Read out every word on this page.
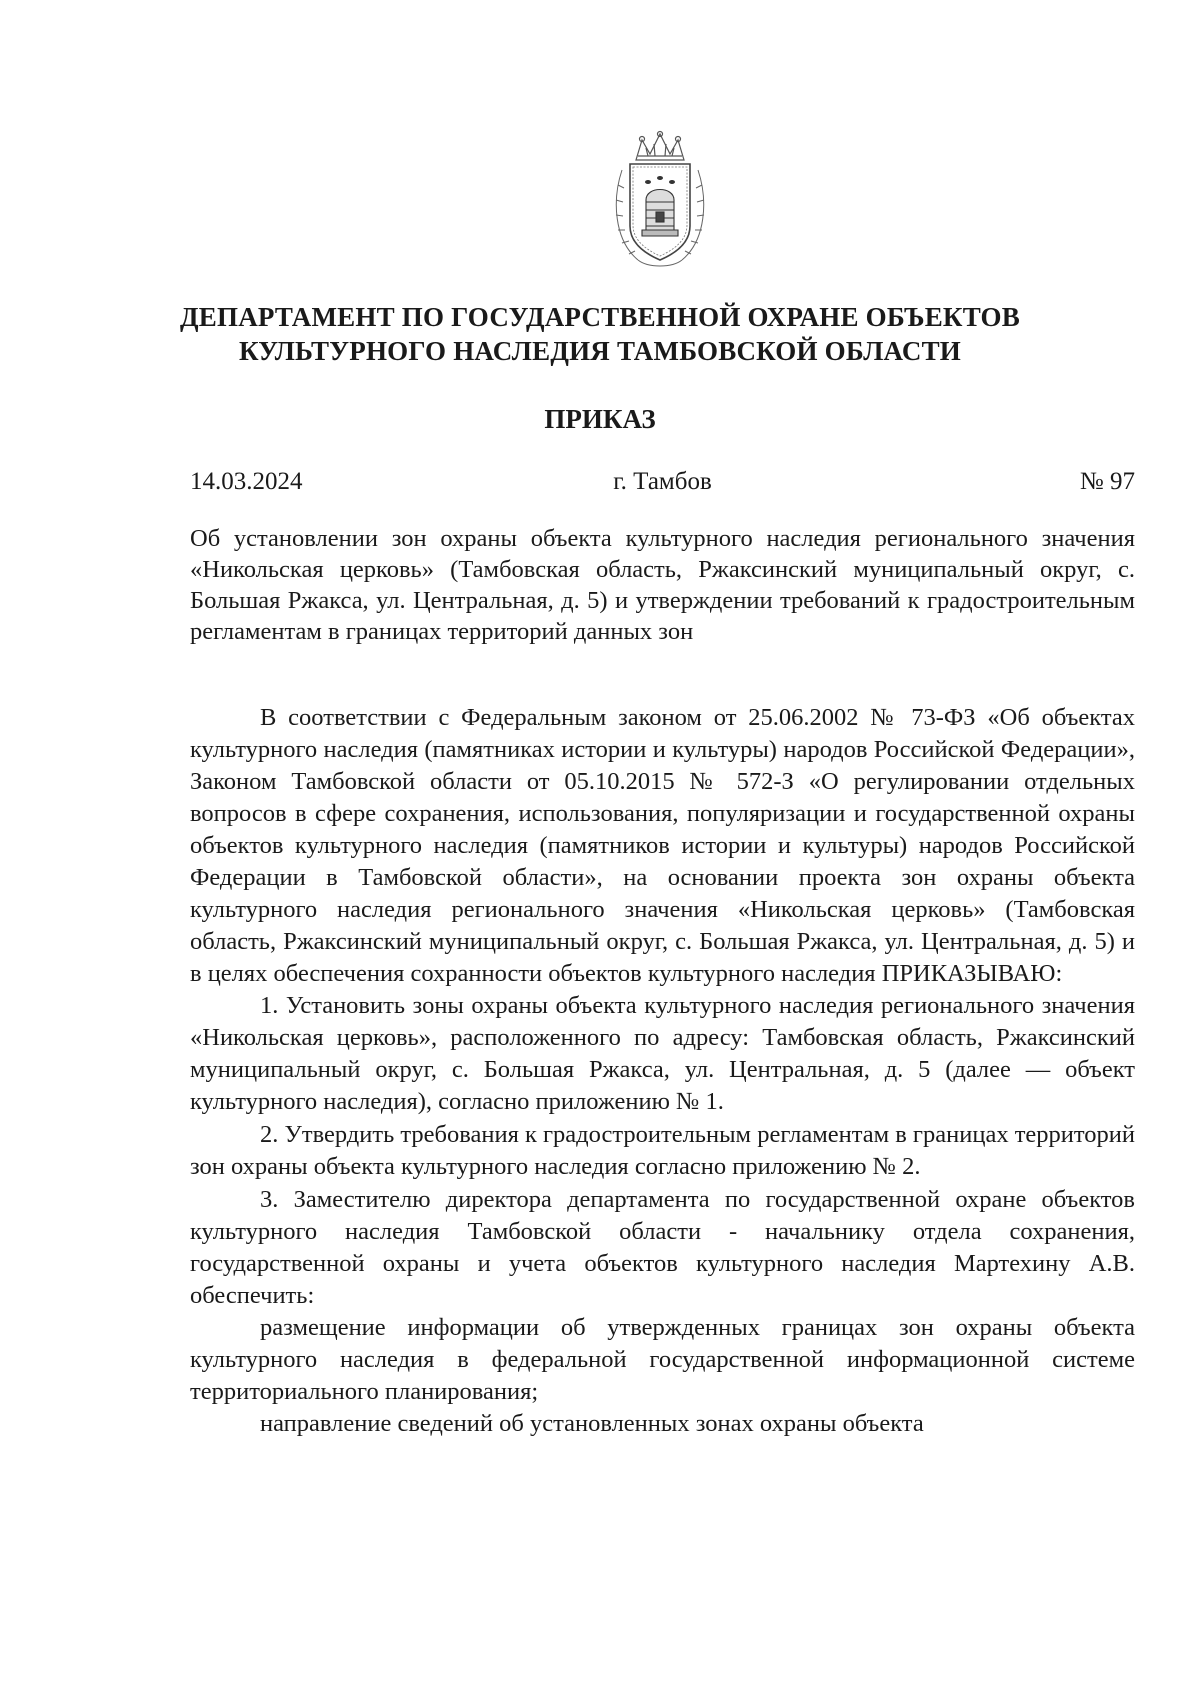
ДЕПАРТАМЕНТ ПО ГОСУДАРСТВЕННОЙ ОХРАНЕ ОБЪЕКТОВ
КУЛЬТУРНОГО НАСЛЕДИЯ ТАМБОВСКОЙ ОБЛАСТИ
ПРИКАЗ
г. Тамбов
14.03.2024	№ 97
Об установлении зон охраны объекта культурного наследия регионального значения «Никольская церковь» (Тамбовская область, Ржаксинский муниципальный округ, с. Большая Ржакса, ул. Центральная, д. 5) и утверждении требований к градостроительным регламентам в границах территорий данных зон

В соответствии с Федеральным законом от 25.06.2002 № 73-ФЗ «Об объектах культурного наследия (памятниках истории и культуры) народов Российской Федерации», Законом Тамбовской области от 05.10.2015 № 572-З «О регулировании отдельных вопросов в сфере сохранения, использования, популяризации и государственной охраны объектов культурного наследия (памятников истории и культуры) народов Российской Федерации в Тамбовской области», на основании проекта зон охраны объекта культурного наследия регионального значения «Никольская церковь» (Тамбовская область, Ржаксинский муниципальный округ, с. Большая Ржакса, ул. Центральная, д. 5) и в целях обеспечения сохранности объектов культурного наследия ПРИКАЗЫВАЮ:

1. Установить зоны охраны объекта культурного наследия регионального значения «Никольская церковь», расположенного по адресу: Тамбовская область, Ржаксинский муниципальный округ, с. Большая Ржакса, ул. Центральная, д. 5 (далее — объект культурного наследия), согласно приложению № 1.

2. Утвердить требования к градостроительным регламентам в границах территорий зон охраны объекта культурного наследия согласно приложению № 2.

3. Заместителю директора департамента по государственной охране объектов культурного наследия Тамбовской области - начальнику отдела сохранения, государственной охраны и учета объектов культурного наследия Мартехину А.В. обеспечить:

размещение информации об утвержденных границах зон охраны объекта культурного наследия в федеральной государственной информационной системе территориального планирования;

направление сведений об установленных зонах охраны объекта
